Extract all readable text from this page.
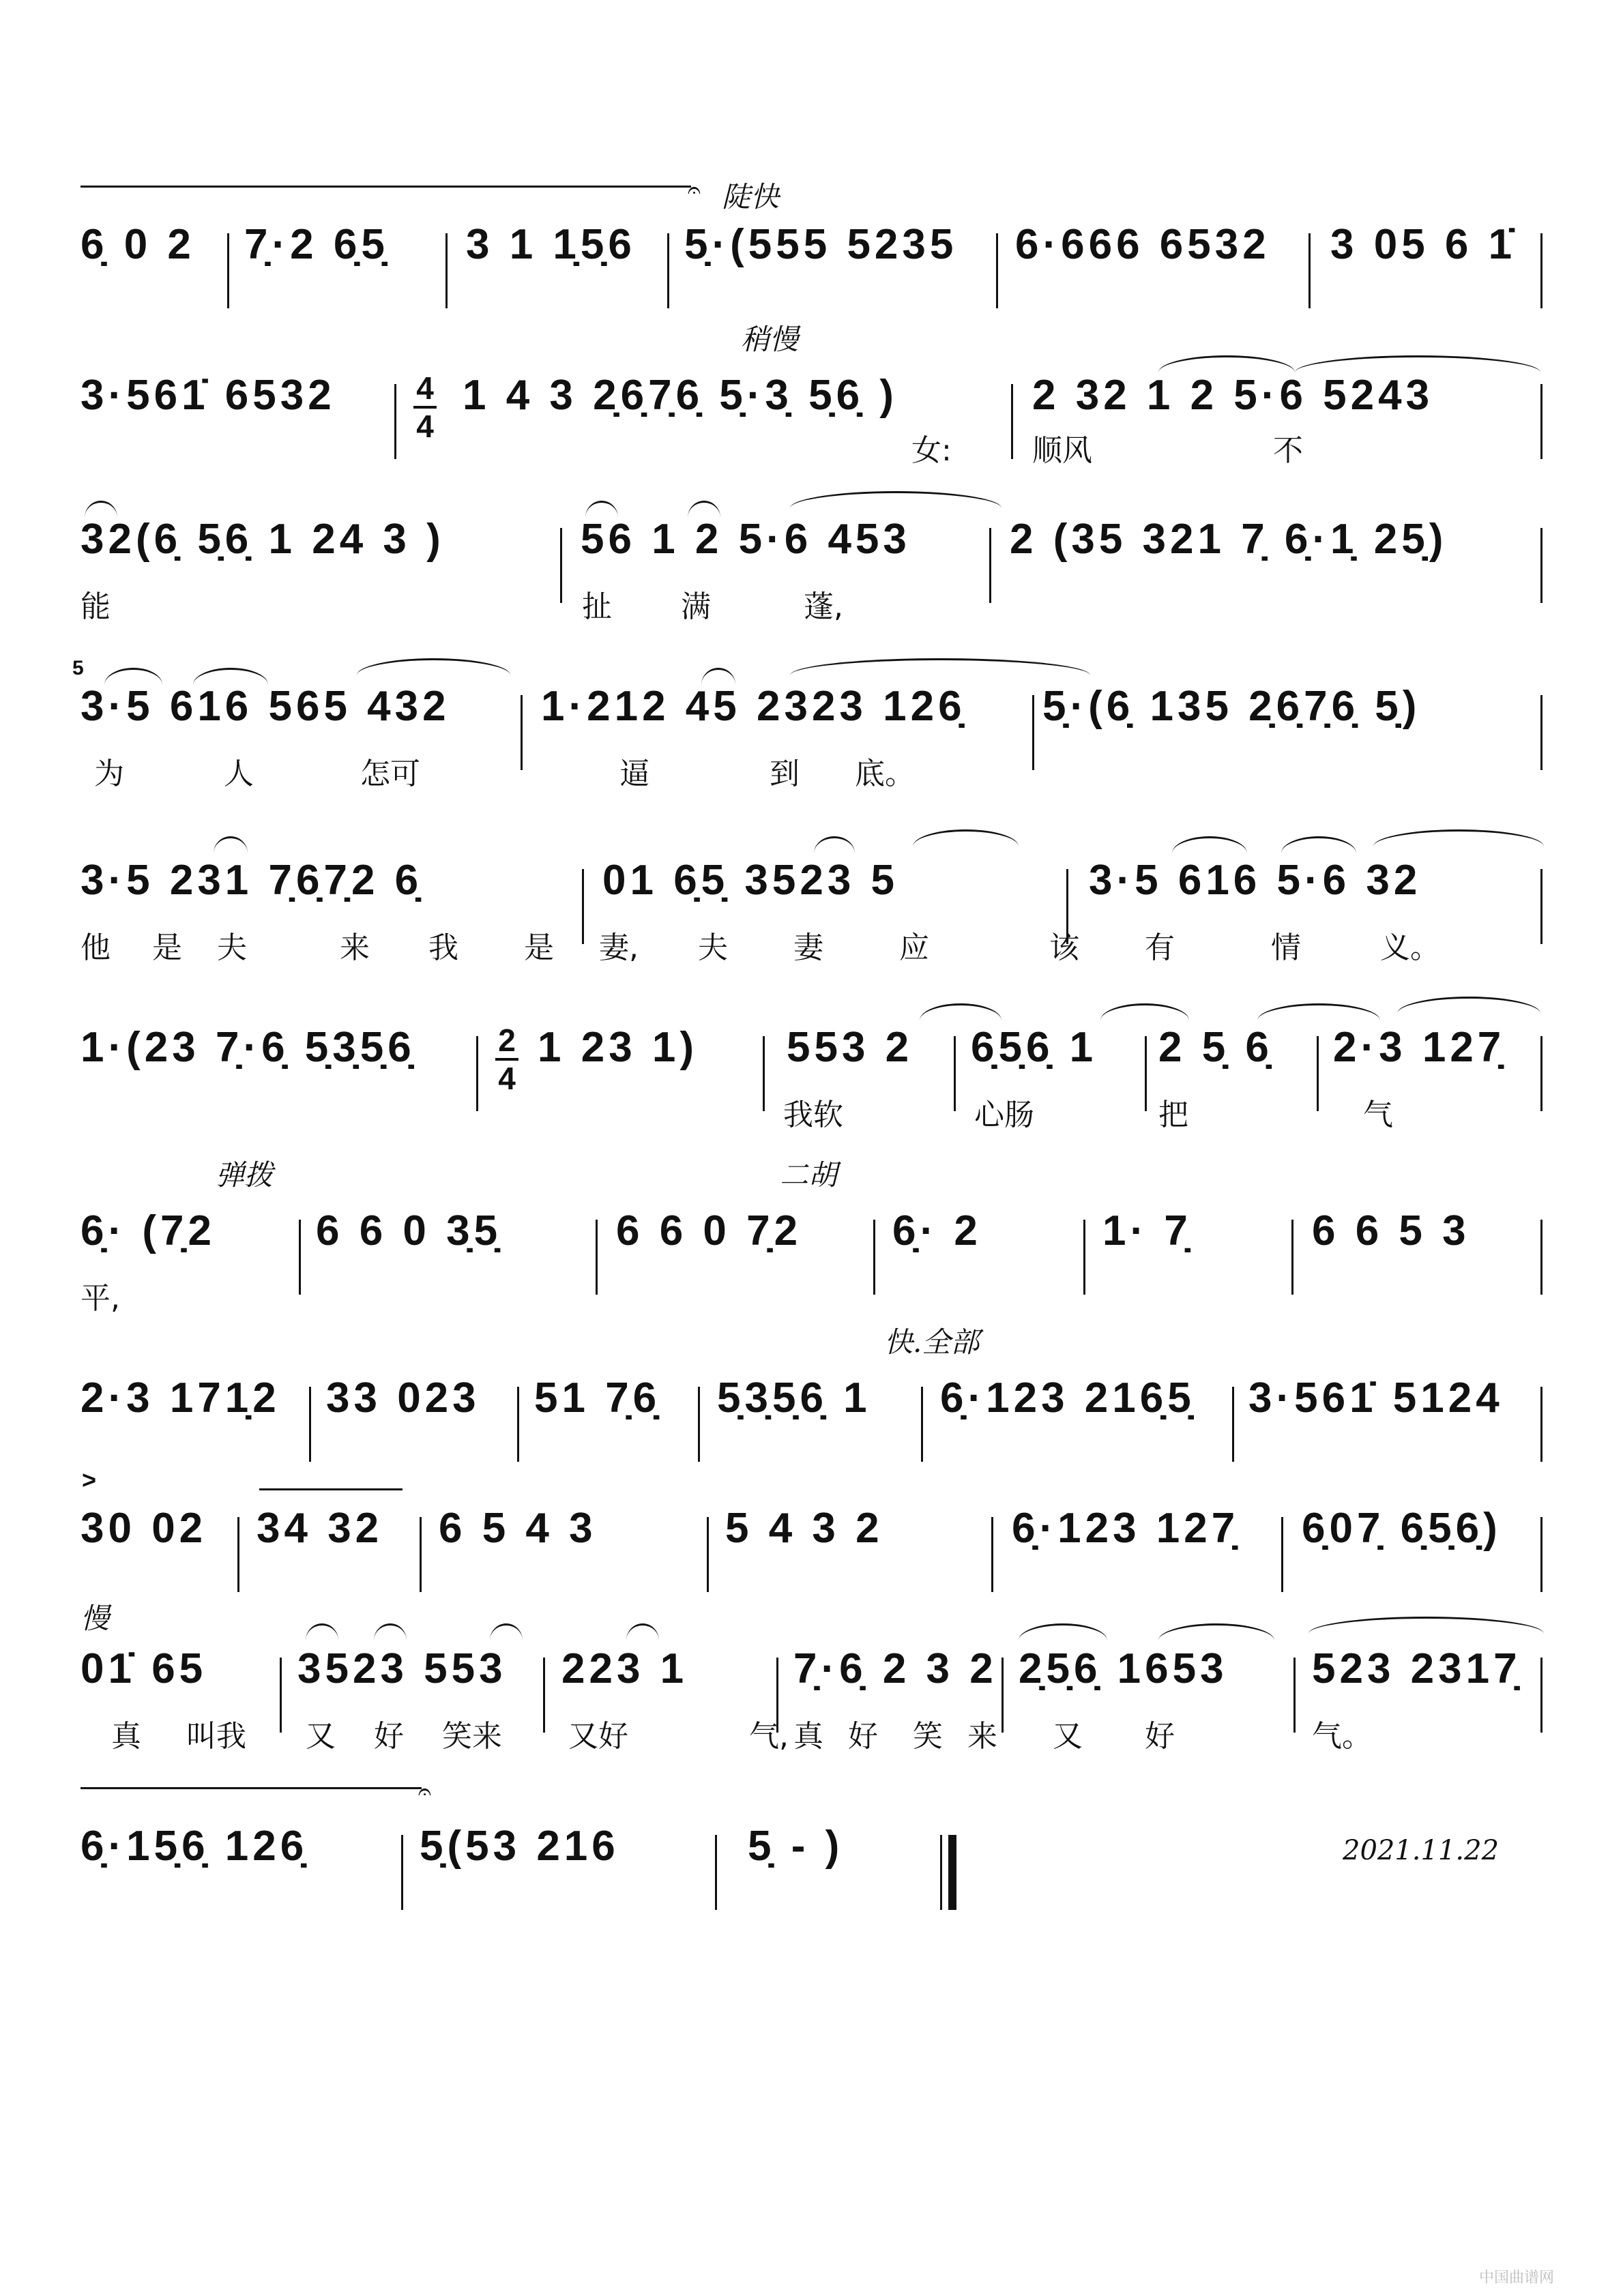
𝄐 陡快
6̣ 0 2 7̣·2 6̣5̣ 3 1 1̣5̣6 5̣·(555 5235 6·666 6532 3 05 6 1̇
稍慢
3·561̇ 6532	4
4
1 4 3 2̣6̣7̣6̣ 5̣·3̣ 5̣6̣ )	2 32 1 2 5·6 5243
女:	顺风	不
32(6̣ 5̣6̣ 1 24 3 )	56 1 2 5·6 453 2 (35 321 7̣ 6̣·1̣ 25̣)
能	扯 满	蓬,
5
3·5 616 565 432 1·212 45 2323 126̣ 5̣·(6̣ 135 2̣6̣7̣6̣ 5̣)
为	人	怎可	逼	到 底。
3·5 231 7̣6̣7̣2 6̣	01 6̣5̣ 3523 5	3·5 616 5·6 32
他 是 夫	来 我 是 妻, 夫 妻	应	该 有	情	义。
1·(23 7̣·6̣ 5̣3̣5̣6̣	2
4
1 23 1) 553 2 6̣5̣6̣ 1 2 5̣ 6̣ 2·3 127̣
我软	心肠	把	气
弹拨	二胡
6̣· (7̣2 6 6 0 3̣5̣	6 6 0 7̣2 6̣· 2	1· 7̣	6 6 5 3
平,
快.全部
2·3 171̣2 33 023 51 7̣6̣ 5̣3̣5̣6̣ 1 6̣·123 216̣5̣ 3·561̇ 5124
>
30 02 34 32 6 5 4 3	5 4 3 2	6̣·123 127̣ 6̣07̣ 6̣5̣6̣)
慢
01̇ 65 3523 553 223 1 7̣·6̣ 2 3 2 2̣5̣6̣ 1653 523 2317̣
真 叫我 又 好 笑来 又好	气, 真 好 笑 来 又 好	气。
𝄐
6̣·15̣6̣ 126̣	5̣(53 216	5̣ - )	2021.11.22
中国曲谱网
